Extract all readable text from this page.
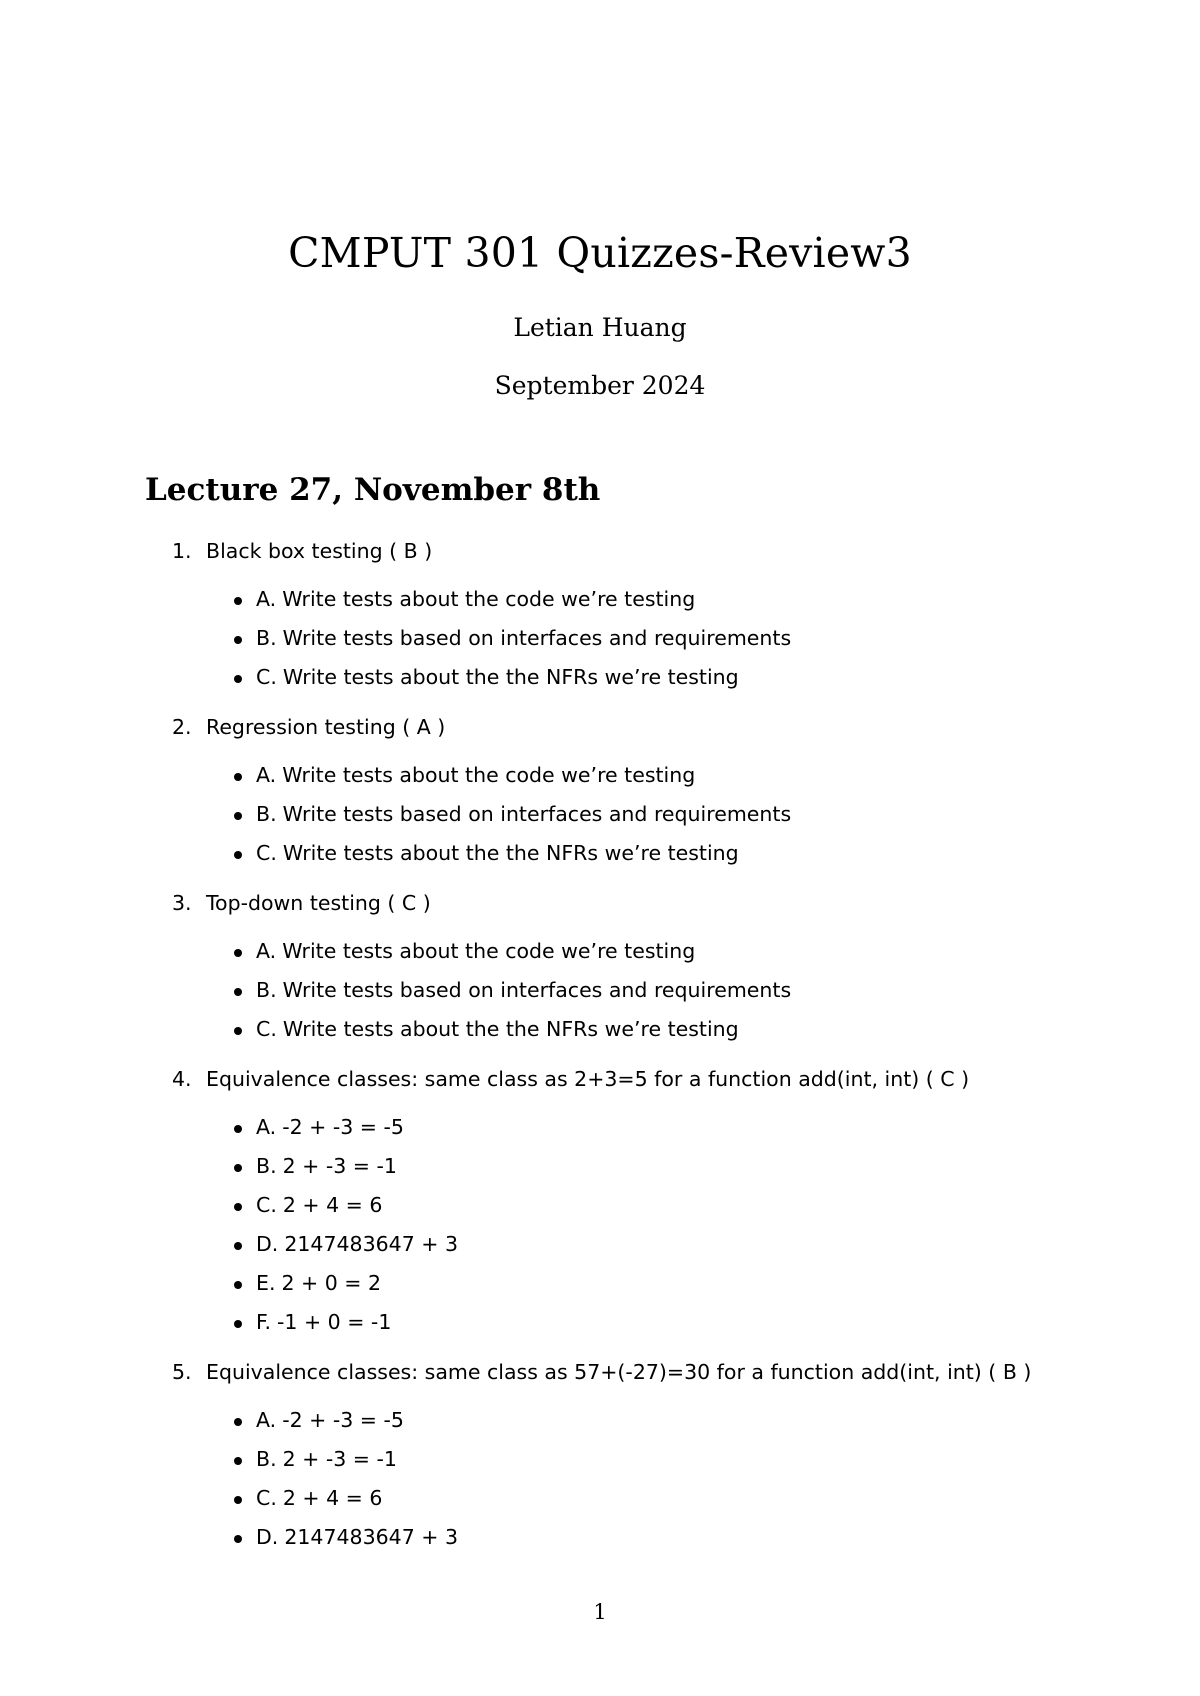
CMPUT 301 Quizzes-Review3
Letian Huang
September 2024
Lecture 27, November 8th
1. Black box testing ( B )
A. Write tests about the code we’re testing
B. Write tests based on interfaces and requirements
C. Write tests about the the NFRs we’re testing
2. Regression testing ( A )
A. Write tests about the code we’re testing
B. Write tests based on interfaces and requirements
C. Write tests about the the NFRs we’re testing
3. Top-down testing ( C )
A. Write tests about the code we’re testing
B. Write tests based on interfaces and requirements
C. Write tests about the the NFRs we’re testing
4. Equivalence classes: same class as 2+3=5 for a function add(int, int) ( C )
A. -2 + -3 = -5
B. 2 + -3 = -1
C. 2 + 4 = 6
D. 2147483647 + 3
E. 2 + 0 = 2
F. -1 + 0 = -1
5. Equivalence classes: same class as 57+(-27)=30 for a function add(int, int) ( B )
A. -2 + -3 = -5
B. 2 + -3 = -1
C. 2 + 4 = 6
D. 2147483647 + 3
1
